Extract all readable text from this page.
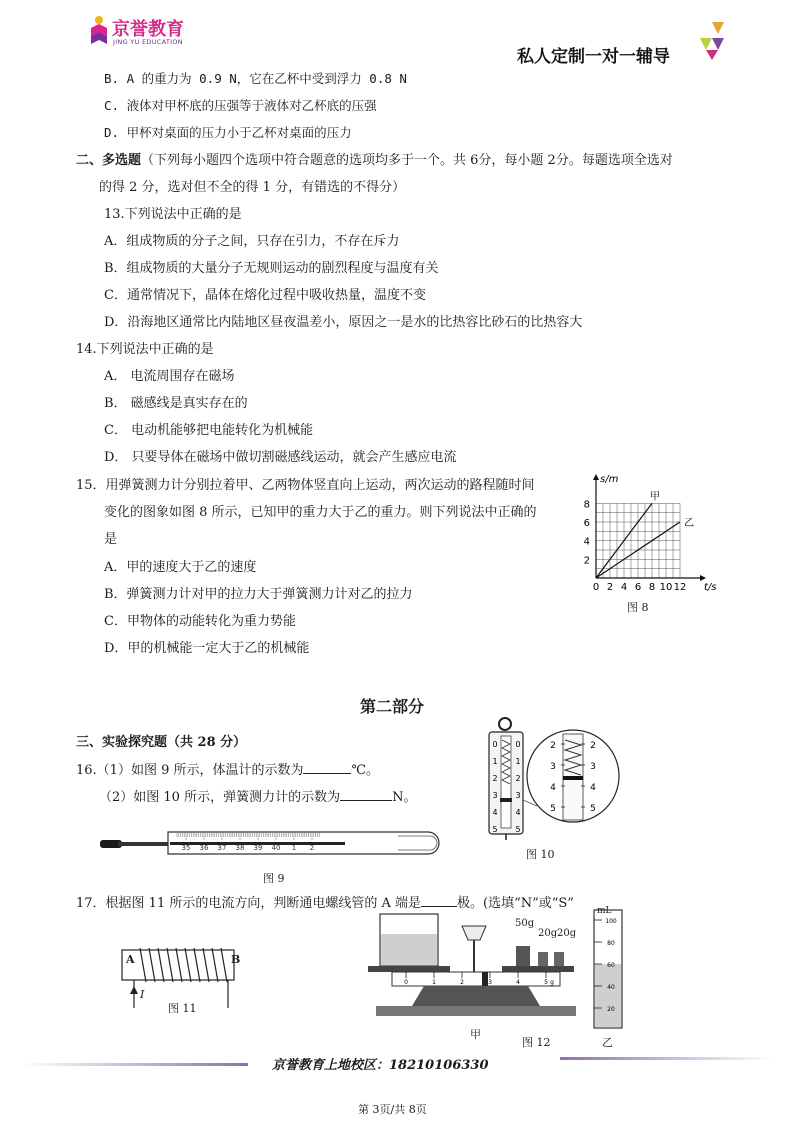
京誉教育
JING YU EDUCATION
私人定制一对一辅导
B. A 的重力为 0.9 N，它在乙杯中受到浮力 0.8 N
C. 液体对甲杯底的压强等于液体对乙杯底的压强
D. 甲杯对桌面的压力小于乙杯对桌面的压力
二、多选题（下列每小题四个选项中符合题意的选项均多于一个。共 6分，每小题 2分。每题选项全选对
的得 2 分，选对但不全的得 1 分，有错选的不得分）
13.下列说法中正确的是
A．组成物质的分子之间，只存在引力，不存在斥力
B．组成物质的大量分子无规则运动的剧烈程度与温度有关
C．通常情况下，晶体在熔化过程中吸收热量，温度不变
D．沿海地区通常比内陆地区昼夜温差小，原因之一是水的比热容比砂石的比热容大
14.下列说法中正确的是
A． 电流周围存在磁场
B． 磁感线是真实存在的
C． 电动机能够把电能转化为机械能
D． 只要导体在磁场中做切割磁感线运动，就会产生感应电流
15．用弹簧测力计分别拉着甲、乙两物体竖直向上运动，两次运动的路程随时间
变化的图象如图 8 所示，已知甲的重力大于乙的重力。则下列说法中正确的
是
A．甲的速度大于乙的速度
B．弹簧测力计对甲的拉力大于弹簧测力计对乙的拉力
C．甲物体的动能转化为重力势能
D．甲的机械能一定大于乙的机械能
0 2 4 6 8 10 12
2
4
6
8
s/m
t/s
甲
乙
图 8
第二部分
三、实验探究题（共 28 分）
16.（1）如图 9 所示，体温计的示数为	℃。
（2）如图 10 所示，弹簧测力计的示数为	N。
35 36 37 38 39 40 1 2
图 9
0 0
1 1
2 2
3 3
4 4
5 5
2
3
4
5
2
3
4
5
图 10
17．根据图 11 所示的电流方向，判断通电螺线管的 A 端是	极。(选填“N”或“S”
A	B
I
图 11
0	1	2	3	4	5 g
100
80
60
40
20
50g
20g 20g
mL
甲
图 12	乙
京誉教育上地校区：18210106330
第 3页/共 8页
